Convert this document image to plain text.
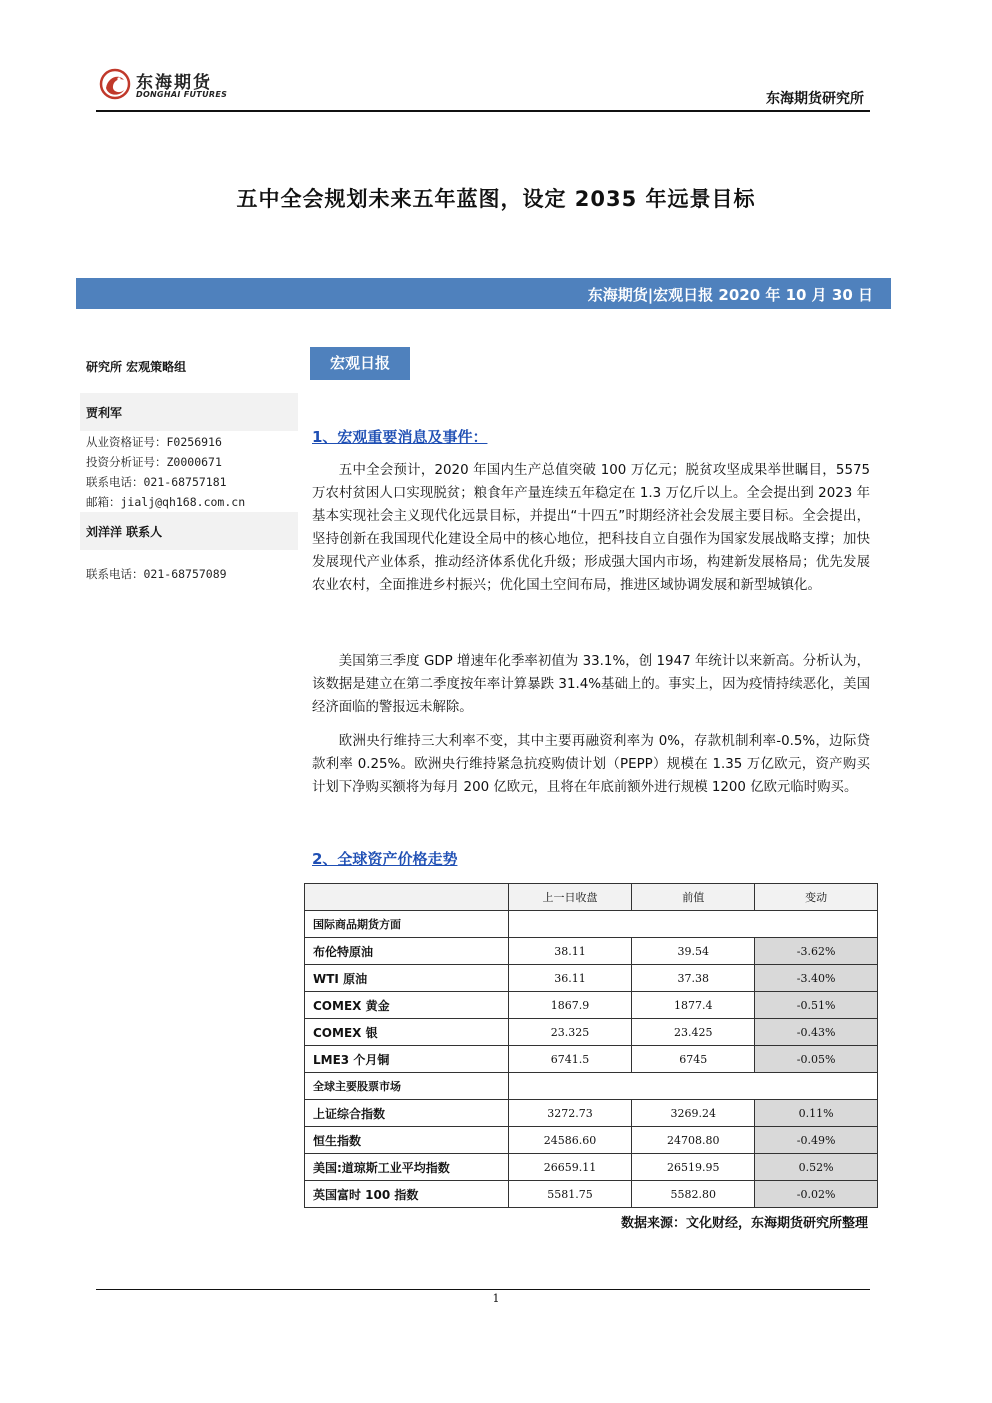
东海期货
DONGHAI FUTURES	东海期货研究所
五中全会规划未来五年蓝图，设定 2035 年远景目标
东海期货|宏观日报 2020 年 10 月 30 日
研究所 宏观策略组
贾利军
从业资格证号：F0256916
投资分析证号：Z0000671
联系电话：021-68757181
邮箱：jialj@qh168.com.cn
刘洋洋 联系人
联系电话：021-68757089
宏观日报
1、宏观重要消息及事件：
五中全会预计，2020 年国内生产总值突破 100 万亿元；脱贫攻坚成果举世瞩目，5575 万农村贫困人口实现脱贫；粮食年产量连续五年稳定在 1.3 万亿斤以上。全会提出到 2023 年基本实现社会主义现代化远景目标，并提出“十四五”时期经济社会发展主要目标。全会提出，坚持创新在我国现代化建设全局中的核心地位，把科技自立自强作为国家发展战略支撑；加快发展现代产业体系，推动经济体系优化升级；形成强大国内市场，构建新发展格局；优先发展农业农村，全面推进乡村振兴；优化国土空间布局，推进区域协调发展和新型城镇化。
美国第三季度 GDP 增速年化季率初值为 33.1%，创 1947 年统计以来新高。分析认为，该数据是建立在第二季度按年率计算暴跌 31.4%基础上的。事实上，因为疫情持续恶化，美国经济面临的警报远未解除。
欧洲央行维持三大利率不变，其中主要再融资利率为 0%，存款机制利率-0.5%，边际贷款利率 0.25%。欧洲央行维持紧急抗疫购债计划（PEPP）规模在 1.35 万亿欧元，资产购买计划下净购买额将为每月 200 亿欧元，且将在年底前额外进行规模 1200 亿欧元临时购买。
2、全球资产价格走势
	上一日收盘	前值	变动
国际商品期货方面			
布伦特原油	38.11	39.54	-3.62%
WTI 原油	36.11	37.38	-3.40%
COMEX 黄金	1867.9	1877.4	-0.51%
COMEX 银	23.325	23.425	-0.43%
LME3 个月铜	6741.5	6745	-0.05%
全球主要股票市场			
上证综合指数	3272.73	3269.24	0.11%
恒生指数	24586.60	24708.80	-0.49%
美国:道琼斯工业平均指数	26659.11	26519.95	0.52%
英国富时 100 指数	5581.75	5582.80	-0.02%
数据来源：文化财经，东海期货研究所整理
1
